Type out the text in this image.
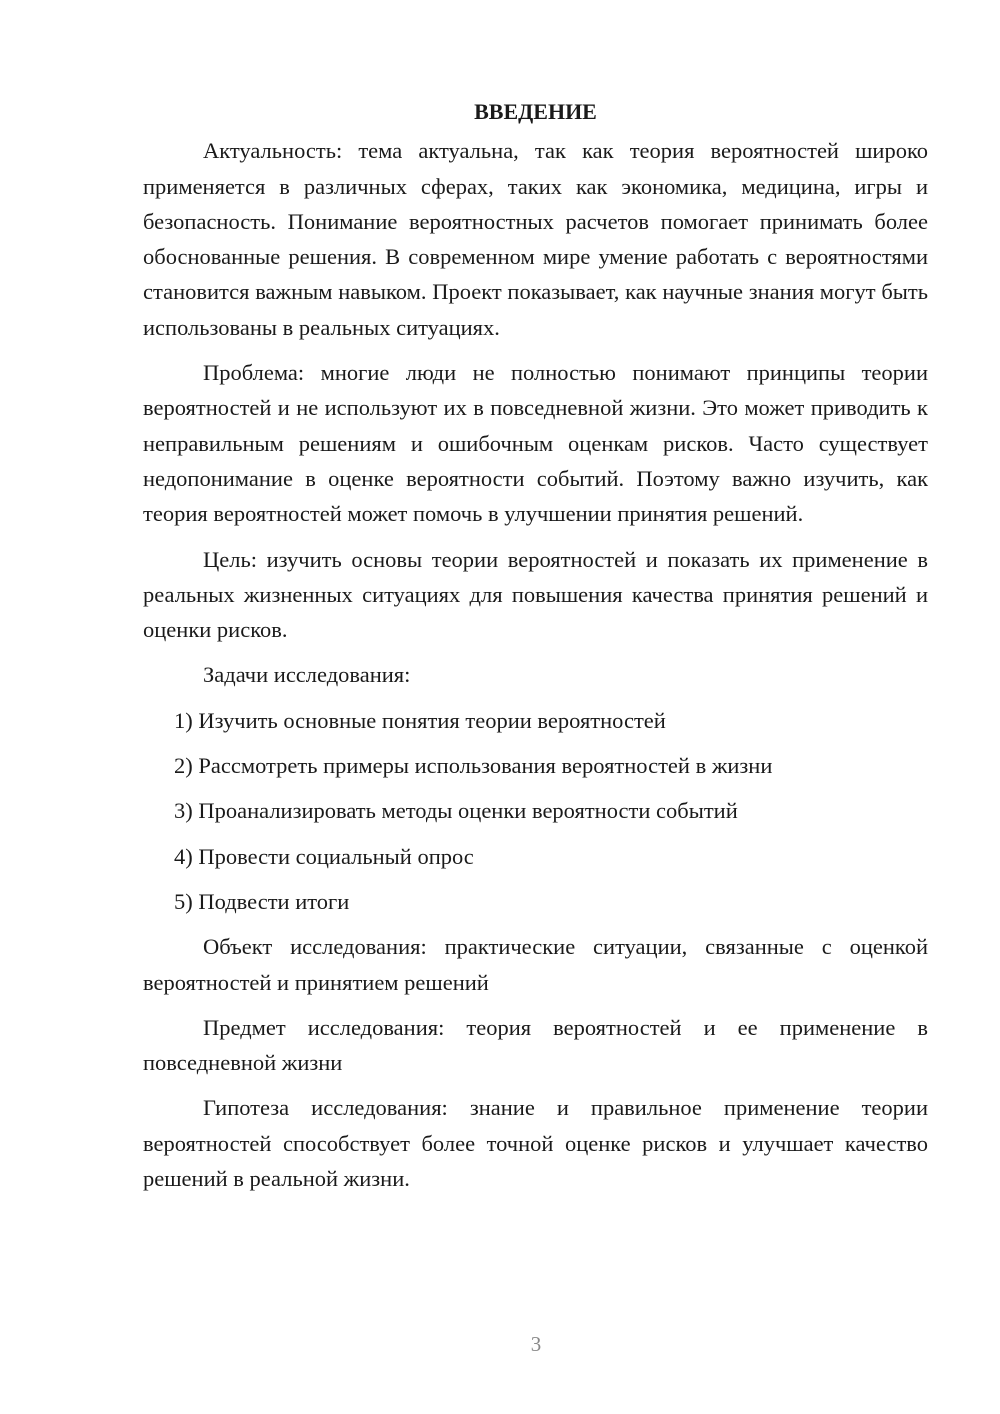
ВВЕДЕНИЕ

Актуальность: тема актуальна, так как теория вероятностей широко применяется в различных сферах, таких как экономика, медицина, игры и безопасность. Понимание вероятностных расчетов помогает принимать более обоснованные решения. В современном мире умение работать с вероятностями становится важным навыком. Проект показывает, как научные знания могут быть использованы в реальных ситуациях.

Проблема: многие люди не полностью понимают принципы теории вероятностей и не используют их в повседневной жизни. Это может приводить к неправильным решениям и ошибочным оценкам рисков. Часто существует недопонимание в оценке вероятности событий. Поэтому важно изучить, как теория вероятностей может помочь в улучшении принятия решений.

Цель: изучить основы теории вероятностей и показать их применение в реальных жизненных ситуациях для повышения качества принятия решений и оценки рисков.

Задачи исследования:

1) Изучить основные понятия теории вероятностей
2) Рассмотреть примеры использования вероятностей в жизни
3) Проанализировать методы оценки вероятности событий
4) Провести социальный опрос
5) Подвести итоги

Объект исследования: практические ситуации, связанные с оценкой вероятностей и принятием решений

Предмет исследования: теория вероятностей и ее применение в повседневной жизни

Гипотеза исследования: знание и правильное применение теории вероятностей способствует более точной оценке рисков и улучшает качество решений в реальной жизни.

3
